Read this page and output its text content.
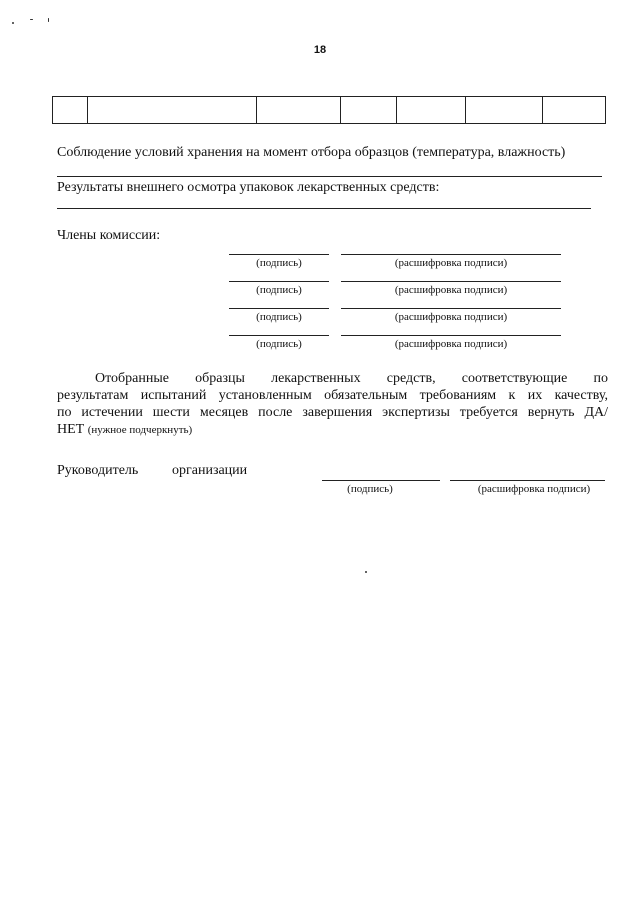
18
Соблюдение условий хранения на момент отбора образцов (температура, влажность)
Результаты внешнего осмотра упаковок лекарственных средств:
Члены комиссии:
(подпись)	(расшифровка подписи)
(подпись)	(расшифровка подписи)
(подпись)	(расшифровка подписи)
(подпись)	(расшифровка подписи)
Отобранные образцы лекарственных средств, соответствующие по
результатам испытаний установленным обязательным требованиям к их качеству,
по истечении шести месяцев после завершения экспертизы требуется вернуть ДА/
НЕТ (нужное подчеркнуть)
Руководитель организации
(подпись)	(расшифровка подписи)
